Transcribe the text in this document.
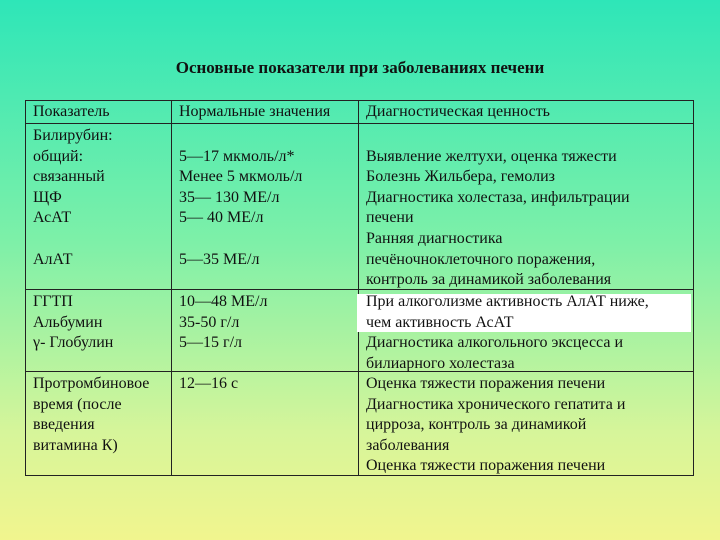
Основные показатели при заболеваниях печени
Показатель	Нормальные значения Диагностическая ценность
Билирубин:
общий:
связанный
ЩФ
АсАТ

АлАТ

5—17 мкмоль/л*
Менее 5 мкмоль/л
35— 130 МЕ/л
5— 40 МЕ/л

5—35 МЕ/л

Выявление желтухи, оценка тяжести
Болезнь Жильбера, гемолиз
Диагностика холестаза, инфильтрации
печени
Ранняя диагностика
печёночноклеточного поражения,
контроль за динамикой заболевания
ГГТП
Альбумин
γ- Глобулин
10—48 МЕ/л
35-50 г/л
5—15 г/л
При алкоголизме активность АлАТ ниже,
чем активность АсАТ
Диагностика алкогольного эксцесса и
билиарного холестаза
Протромбиновое
время (после
введения
витамина К)
12—16 с	Оценка тяжести поражения печени
Диагностика хронического гепатита и
цирроза, контроль за динамикой
заболевания
Оценка тяжести поражения печени
